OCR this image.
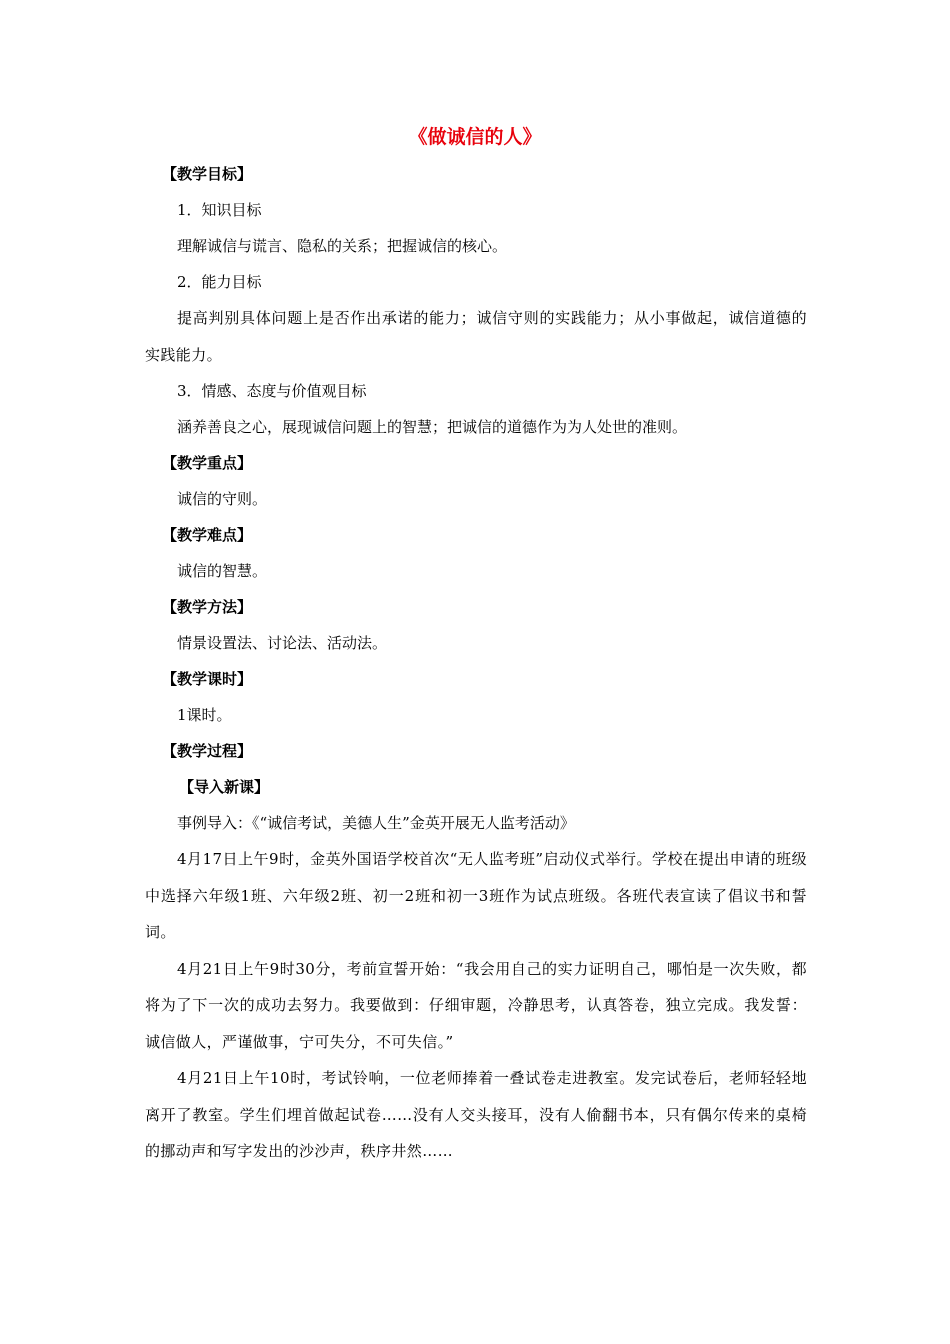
《做诚信的人》
【教学目标】
1．知识目标
理解诚信与谎言、隐私的关系；把握诚信的核心。
2．能力目标

提高判别具体问题上是否作出承诺的能力；诚信守则的实践能力；从小事做起，诚信道德的实践能力。

3．情感、态度与价值观目标
涵养善良之心，展现诚信问题上的智慧；把诚信的道德作为为人处世的准则。
【教学重点】
诚信的守则。
【教学难点】
诚信的智慧。
【教学方法】
情景设置法、讨论法、活动法。
【教学课时】
1课时。
【教学过程】
【导入新课】
事例导入：《“诚信考试，美德人生”金英开展无人监考活动》

4月17日上午9时，金英外国语学校首次“无人监考班”启动仪式举行。学校在提出申请的班级中选择六年级1班、六年级2班、初一2班和初一3班作为试点班级。各班代表宣读了倡议书和誓词。

4月21日上午9时30分，考前宣誓开始：“我会用自己的实力证明自己，哪怕是一次失败，都将为了下一次的成功去努力。我要做到：仔细审题，冷静思考，认真答卷，独立完成。我发誓：诚信做人，严谨做事，宁可失分，不可失信。”

4月21日上午10时，考试铃响，一位老师捧着一叠试卷走进教室。发完试卷后，老师轻轻地离开了教室。学生们埋首做起试卷……没有人交头接耳，没有人偷翻书本，只有偶尔传来的桌椅的挪动声和写字发出的沙沙声，秩序井然……
